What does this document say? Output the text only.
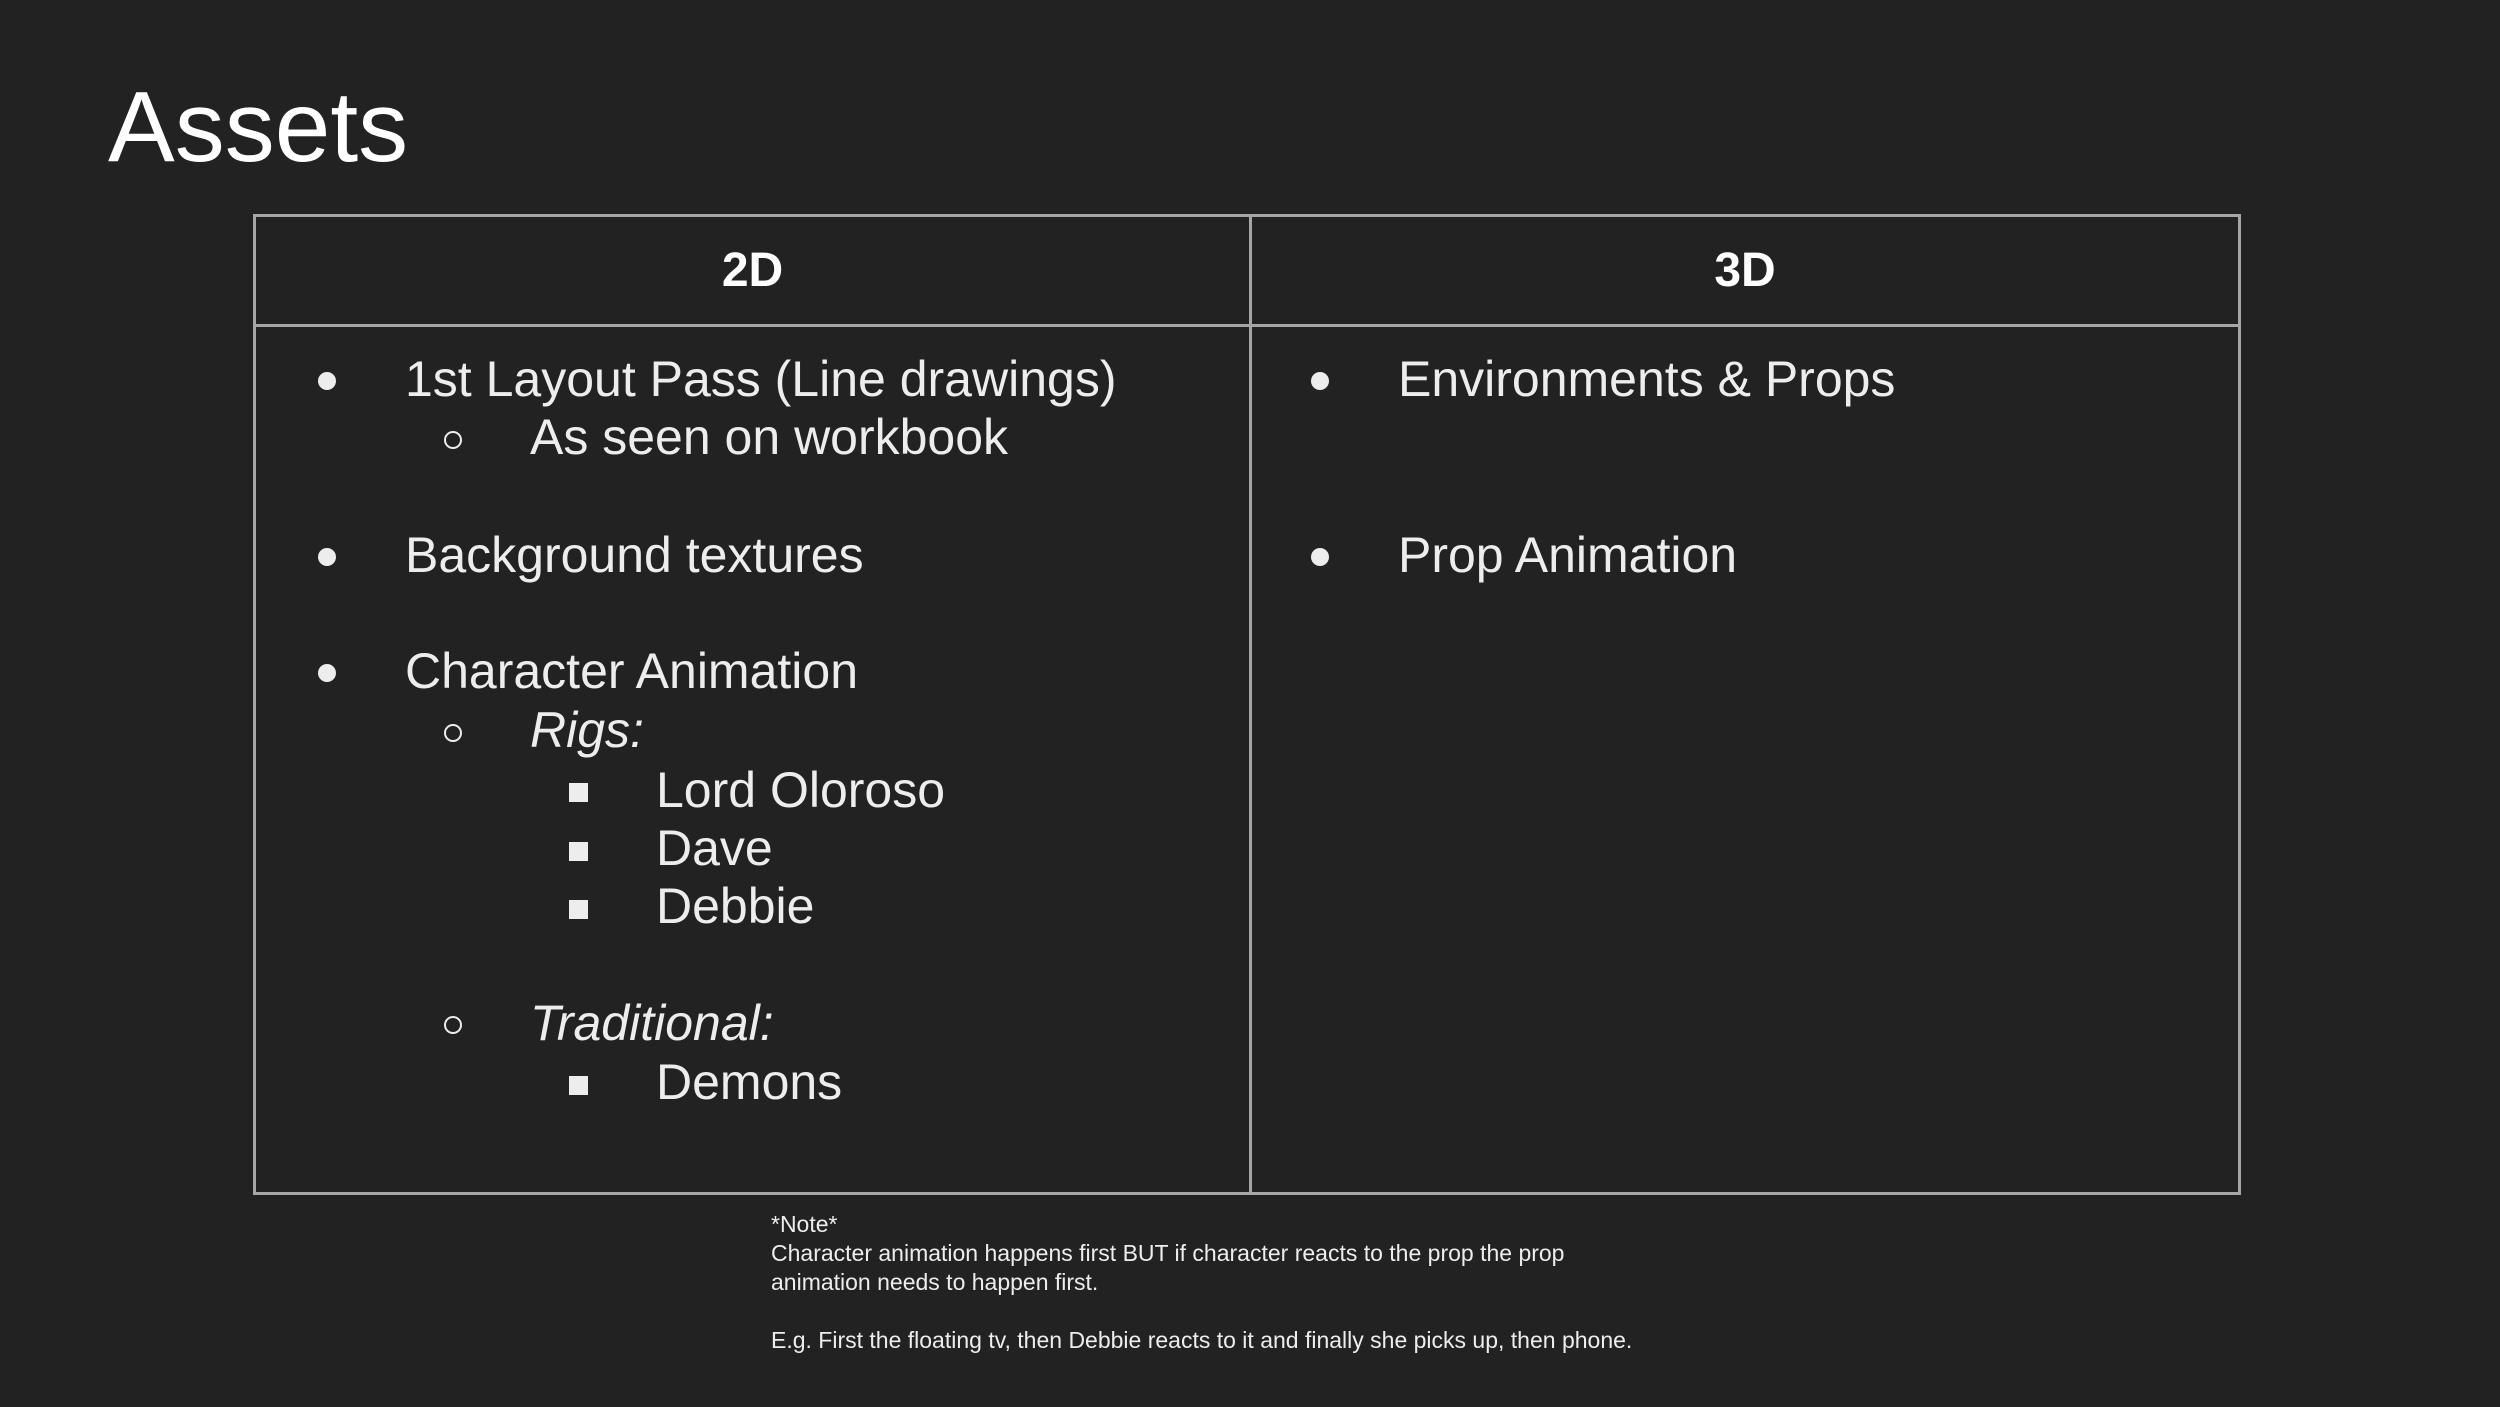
Assets
2D	3D
1st Layout Pass (Line drawings)
As seen on workbook
Background textures
Character Animation
Rigs:
Lord Oloroso
Dave
Debbie
Traditional:
Demons
Environments & Props
Prop Animation

*Note*

Character animation happens first BUT if character reacts to the prop the prop

animation needs to happen first.

E.g. First the floating tv, then Debbie reacts to it and finally she picks up, then phone.
